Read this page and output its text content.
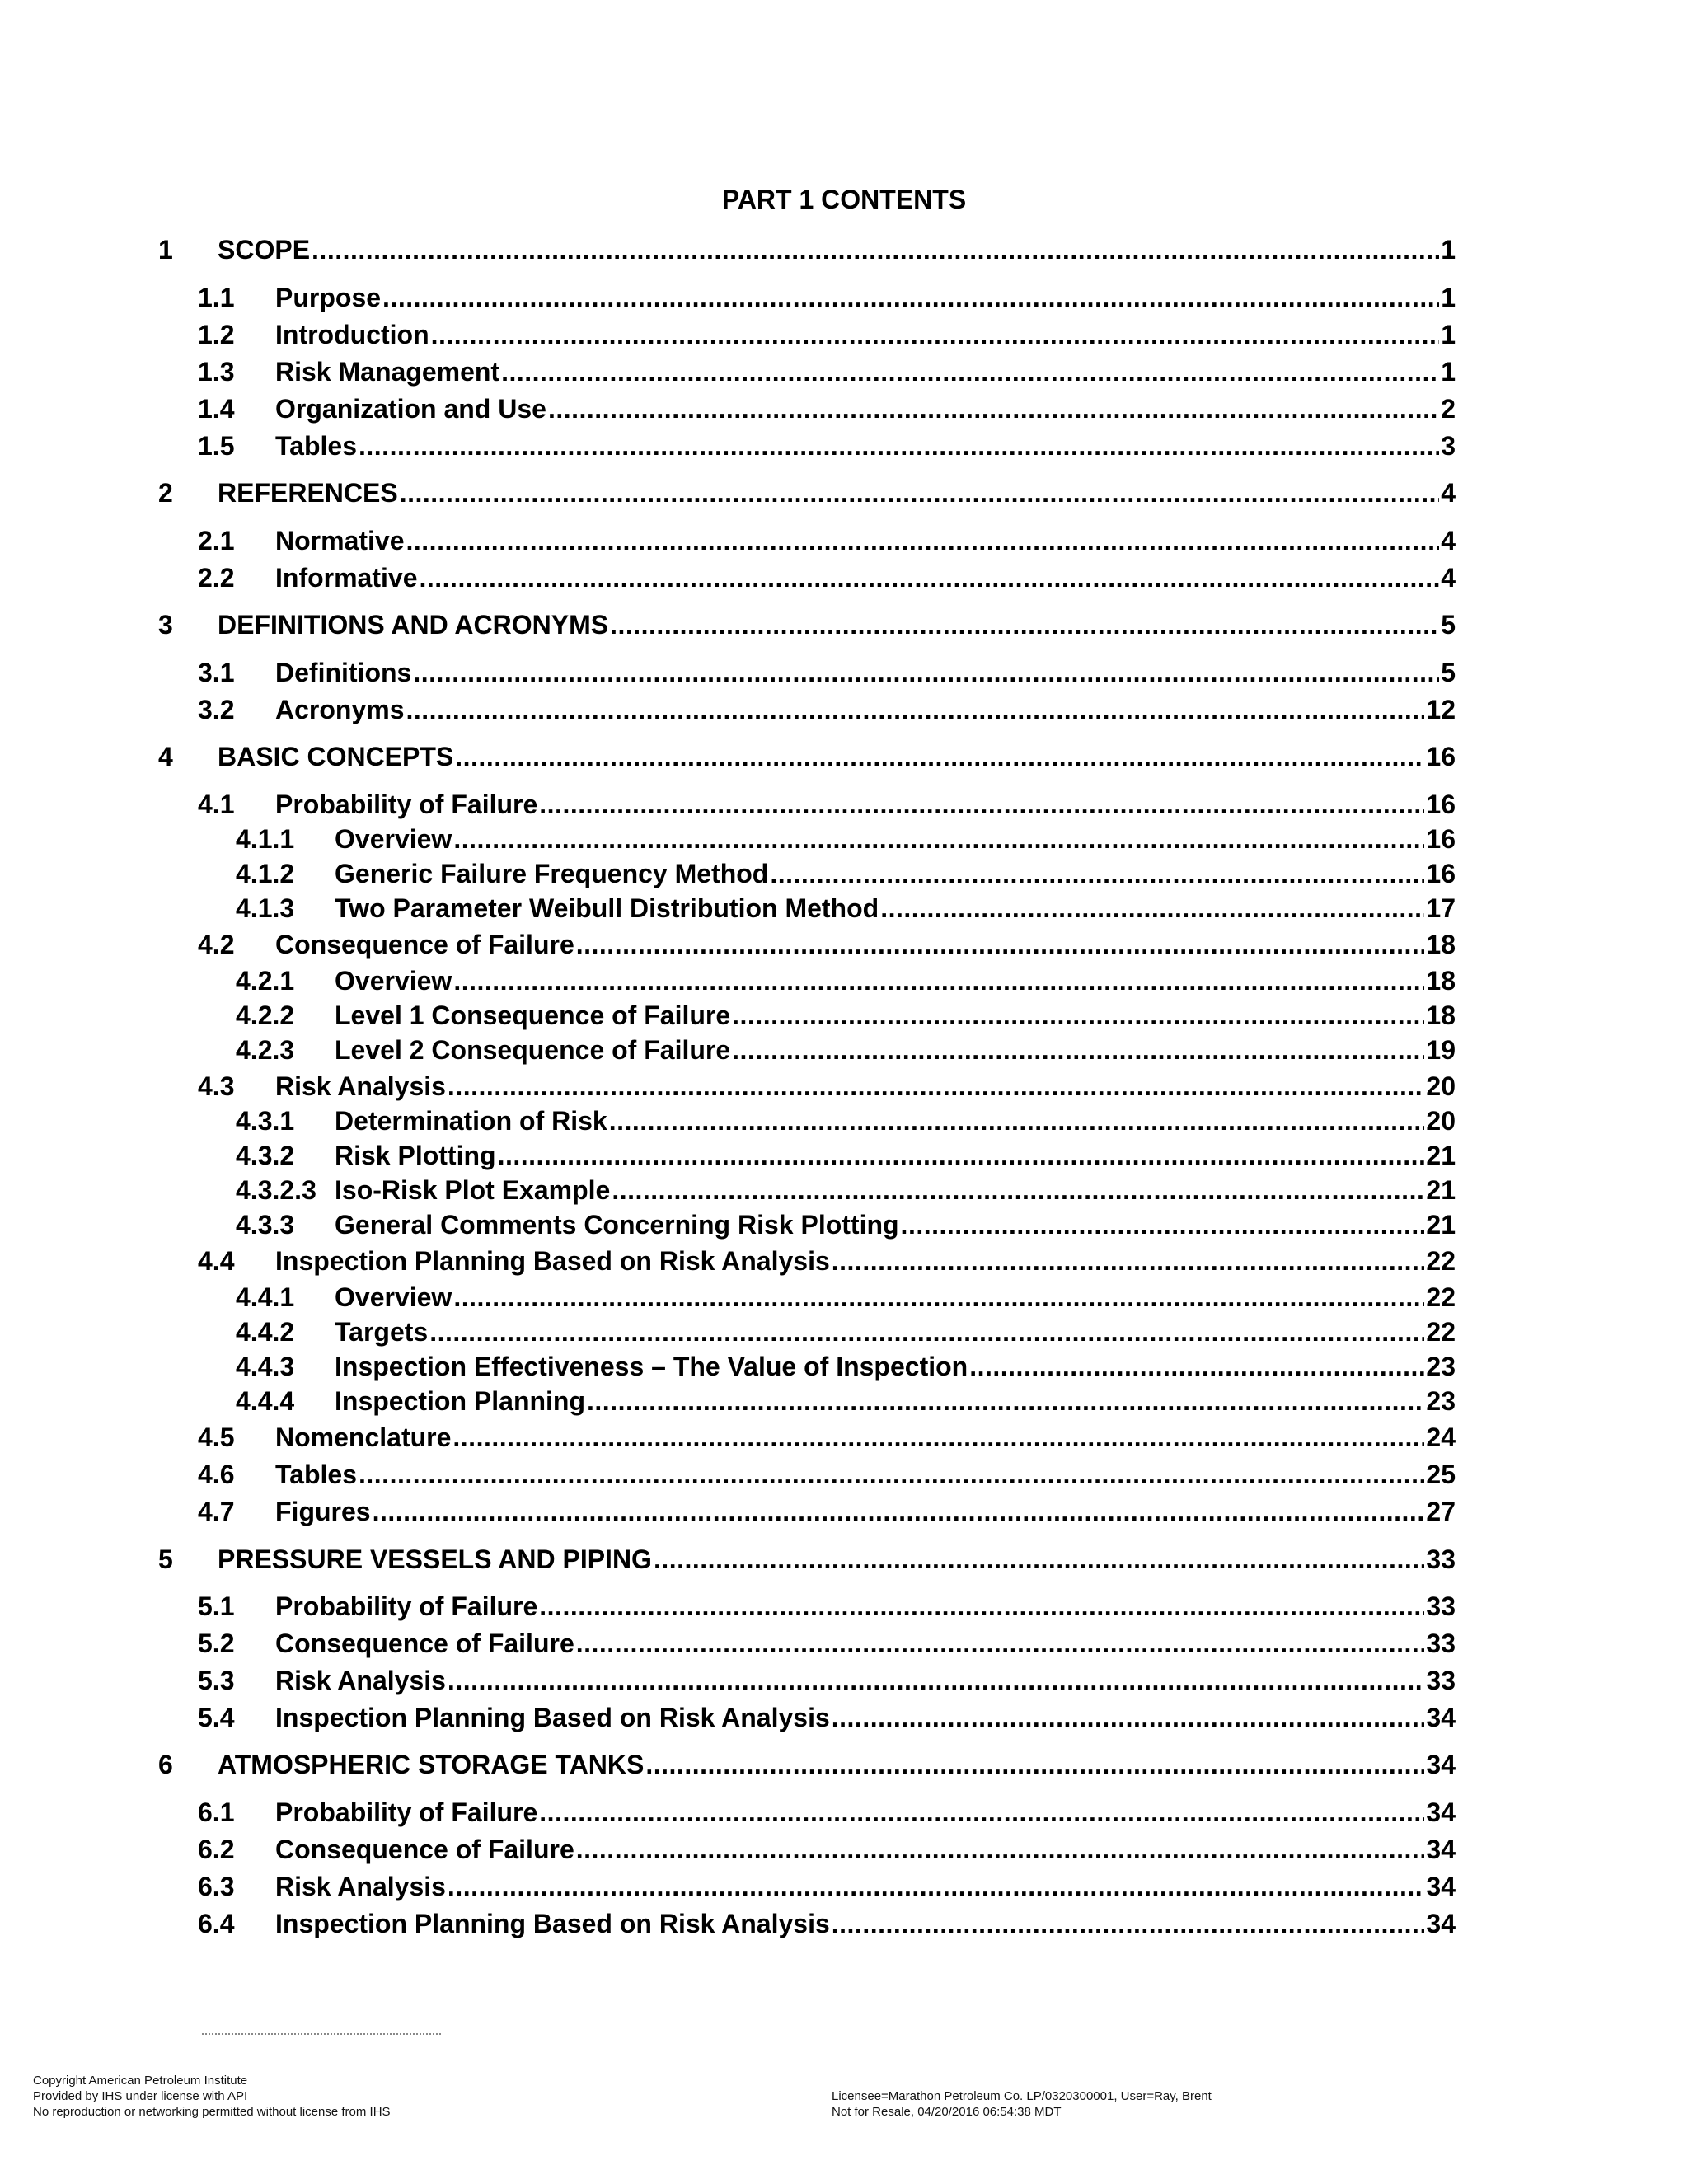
PART 1 CONTENTS
1	SCOPE .....	1
1.1	Purpose .....	1
1.2	Introduction .....	1
1.3	Risk Management .....	1
1.4	Organization and Use .....	2
1.5	Tables .....	3
2	REFERENCES .....	4
2.1	Normative .....	4
2.2	Informative .....	4
3	DEFINITIONS AND ACRONYMS .....	5
3.1	Definitions .....	5
3.2	Acronyms .....	12
4	BASIC CONCEPTS .....	16
4.1	Probability of Failure .....	16
4.1.1	Overview .....	16
4.1.2	Generic Failure Frequency Method .....	16
4.1.3	Two Parameter Weibull Distribution Method .....	17
4.2	Consequence of Failure .....	18
4.2.1	Overview .....	18
4.2.2	Level 1 Consequence of Failure .....	18
4.2.3	Level 2 Consequence of Failure .....	19
4.3	Risk Analysis .....	20
4.3.1	Determination of Risk .....	20
4.3.2	Risk Plotting .....	21
4.3.2.3 Iso-Risk Plot Example .....	21
4.3.3	General Comments Concerning Risk Plotting .....	21
4.4	Inspection Planning Based on Risk Analysis .....	22
4.4.1	Overview .....	22
4.4.2	Targets .....	22
4.4.3	Inspection Effectiveness – The Value of Inspection .....	23
4.4.4	Inspection Planning .....	23
4.5	Nomenclature .....	24
4.6	Tables .....	25
4.7	Figures .....	27
5	PRESSURE VESSELS AND PIPING .....	33
5.1	Probability of Failure .....	33
5.2	Consequence of Failure .....	33
5.3	Risk Analysis .....	33
5.4	Inspection Planning Based on Risk Analysis .....	34
6	ATMOSPHERIC STORAGE TANKS .....	34
6.1	Probability of Failure .....	34
6.2	Consequence of Failure .....	34
6.3	Risk Analysis .....	34
6.4	Inspection Planning Based on Risk Analysis .....	34
Copyright American Petroleum Institute
Provided by IHS under license with API
No reproduction or networking permitted without license from IHS
Licensee=Marathon Petroleum Co. LP/0320300001, User=Ray, Brent
Not for Resale, 04/20/2016 06:54:38 MDT
